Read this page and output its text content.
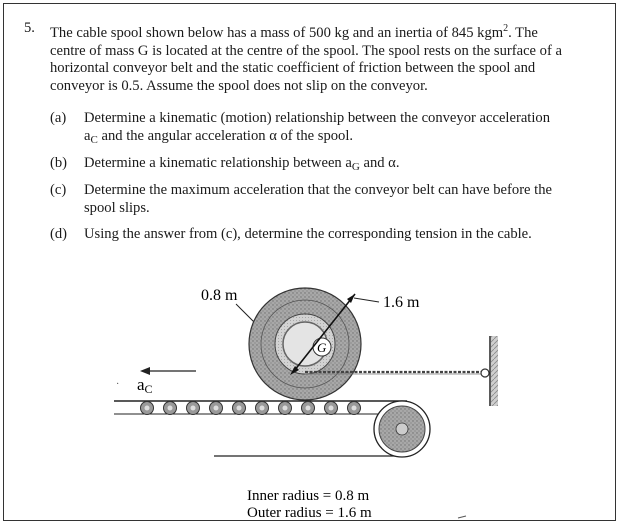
5. The cable spool shown below has a mass of 500 kg and an inertia of 845 kgm$^2$. The
centre of mass G is located at the centre of the spool. The spool rests on the surface of a
horizontal conveyor belt and the static coefficient of friction between the spool and
conveyor is 0.5. Assume the spool does not slip on the conveyor.
(a) Determine a kinematic (motion) relationship between the conveyor acceleration
$a_C$ and the angular acceleration α of the spool.
(b) Determine a kinematic relationship between $a_G$ and α.
(c) Determine the maximum acceleration that the conveyor belt can have before the
spool slips.
(d) Using the answer from (c), determine the corresponding tension in the cable.
0.8 m	1.6 m
G
aC
·
Inner radius = 0.8 m
Outer radius = 1.6 m
